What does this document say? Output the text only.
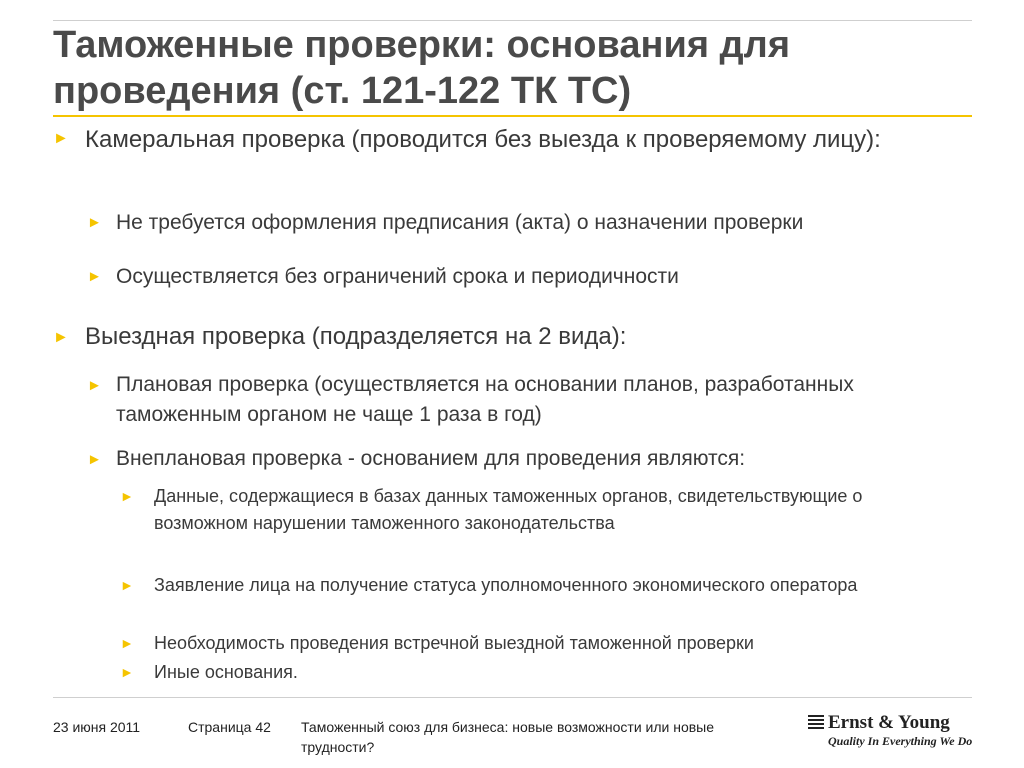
Таможенные проверки: основания для проведения (ст. 121-122 ТК ТС)
► Камеральная проверка (проводится без выезда к проверяемому лицу):
► Не требуется оформления предписания (акта) о назначении проверки
► Осуществляется без ограничений срока и периодичности
► Выездная проверка (подразделяется на 2 вида):
► Плановая проверка (осуществляется на основании планов, разработанных таможенным органом не чаще 1 раза в год)
► Внеплановая проверка - основанием для проведения являются:
► Данные, содержащиеся в базах данных таможенных органов, свидетельствующие о возможном нарушении таможенного законодательства
► Заявление лица на получение статуса уполномоченного экономического оператора
► Необходимость проведения встречной выездной таможенной проверки
► Иные основания.
23 июня 2011	Страница 42 Таможенный союз для бизнеса: новые возможности или новые трудности?
Ernst & Young
Quality In Everything We Do
